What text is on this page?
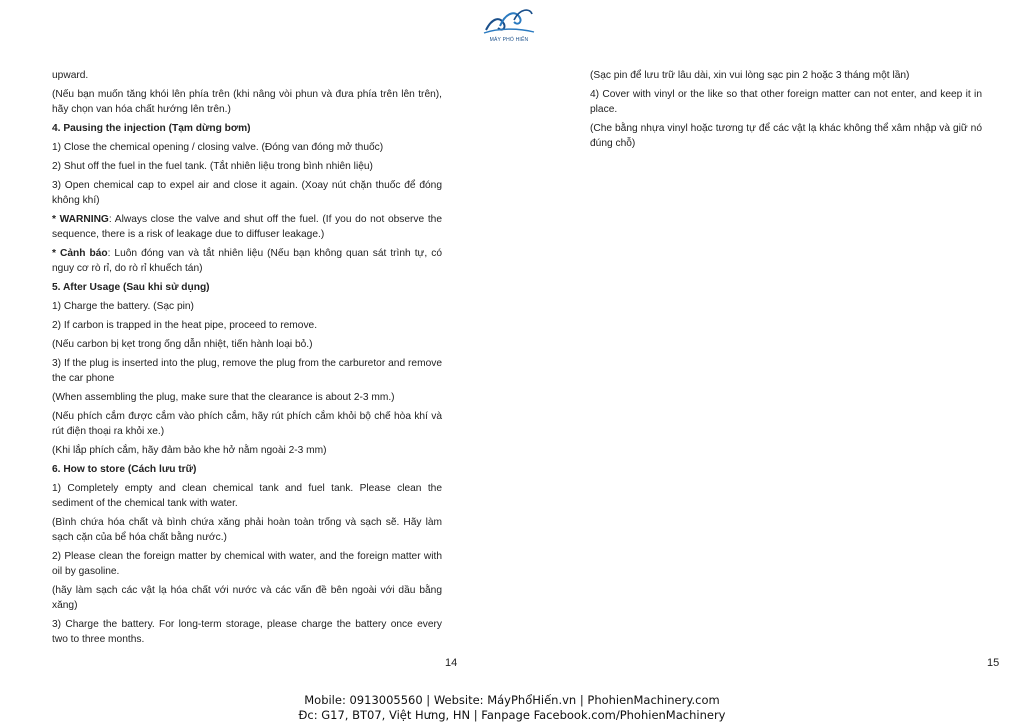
MÁY PHỔ HIẾN
upward.
(Nếu bạn muốn tăng khói lên phía trên (khi nâng vòi phun và đưa phía trên lên trên), hãy chọn van hóa chất hướng lên trên.)
4. Pausing the injection (Tạm dừng bơm)
1) Close the chemical opening / closing valve. (Đóng van đóng mở thuốc)
2) Shut off the fuel in the fuel tank. (Tắt nhiên liệu trong bình nhiên liệu)
3) Open chemical cap to expel air and close it again. (Xoay nút chặn thuốc để đóng không khí)
* WARNING: Always close the valve and shut off the fuel. (If you do not observe the sequence, there is a risk of leakage due to diffuser leakage.)
* Cảnh báo: Luôn đóng van và tắt nhiên liệu (Nếu bạn không quan sát trình tự, có nguy cơ rò rỉ, do rò rỉ khuếch tán)
5. After Usage (Sau khi sử dụng)
1) Charge the battery. (Sạc pin)
2) If carbon is trapped in the heat pipe, proceed to remove.
(Nếu carbon bị kẹt trong ống dẫn nhiệt, tiến hành loại bỏ.)
3) If the plug is inserted into the plug, remove the plug from the carburetor and remove the car phone
(When assembling the plug, make sure that the clearance is about 2-3 mm.)
(Nếu phích cắm được cắm vào phích cắm, hãy rút phích cắm khỏi bộ chế hòa khí và rút điện thoại ra khỏi xe.)
(Khi lắp phích cắm, hãy đảm bảo khe hở nằm ngoài 2-3 mm)
6. How to store (Cách lưu trữ)
1) Completely empty and clean chemical tank and fuel tank. Please clean the sediment of the chemical tank with water.
(Bình chứa hóa chất và bình chứa xăng phải hoàn toàn trống và sạch sẽ. Hãy làm sạch cặn của bể hóa chất bằng nước.)
2) Please clean the foreign matter by chemical with water, and the foreign matter with oil by gasoline.
(hãy làm sạch các vật lạ hóa chất với nước và các vấn đề bên ngoài với dầu bằng xăng)
3) Charge the battery. For long-term storage, please charge the battery once every two to three months.
(Sạc pin để lưu trữ lâu dài, xin vui lòng sạc pin 2 hoặc 3 tháng một lần)
4) Cover with vinyl or the like so that other foreign matter can not enter, and keep it in place.
(Che bằng nhựa vinyl hoặc tương tự để các vật lạ khác không thể xâm nhập và giữ nó đúng chỗ)
14	15
Mobile: 0913005560 | Website: MáyPhổHiến.vn | PhohienMachinery.com
Đc: G17, BT07, Việt Hưng, HN | Fanpage Facebook.com/PhohienMachinery
